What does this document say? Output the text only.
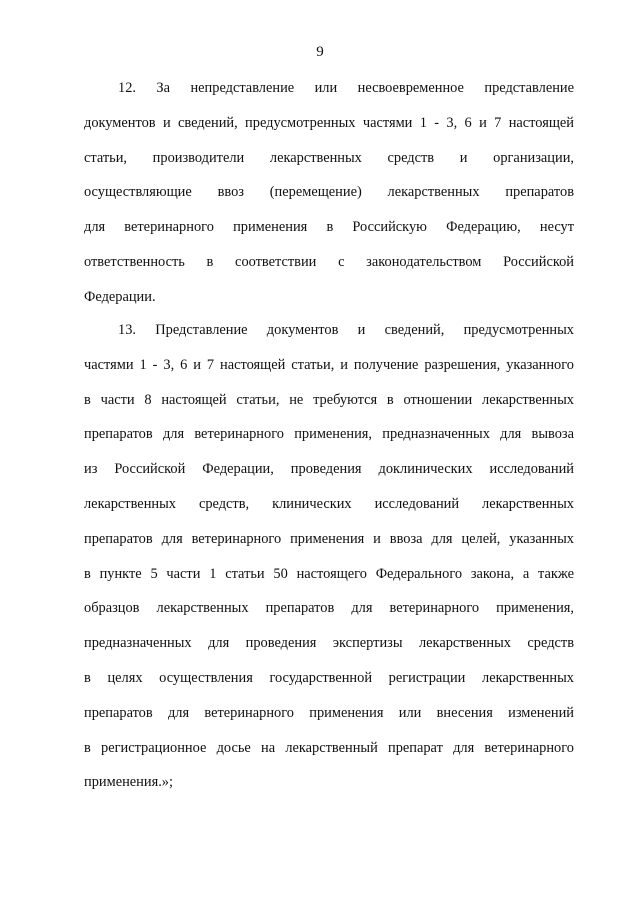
9
12. За непредставление или несвоевременное представление
документов и сведений, предусмотренных частями 1 - 3, 6 и 7 настоящей
статьи, производители лекарственных средств и организации,
осуществляющие ввоз (перемещение) лекарственных препаратов
для ветеринарного применения в Российскую Федерацию, несут
ответственность в соответствии с законодательством Российской
Федерации.
13. Представление документов и сведений, предусмотренных
частями 1 - 3, 6 и 7 настоящей статьи, и получение разрешения, указанного
в части 8 настоящей статьи, не требуются в отношении лекарственных
препаратов для ветеринарного применения, предназначенных для вывоза
из Российской Федерации, проведения доклинических исследований
лекарственных средств, клинических исследований лекарственных
препаратов для ветеринарного применения и ввоза для целей, указанных
в пункте 5 части 1 статьи 50 настоящего Федерального закона, а также
образцов лекарственных препаратов для ветеринарного применения,
предназначенных для проведения экспертизы лекарственных средств
в целях осуществления государственной регистрации лекарственных
препаратов для ветеринарного применения или внесения изменений
в регистрационное досье на лекарственный препарат для ветеринарного
применения.»;
